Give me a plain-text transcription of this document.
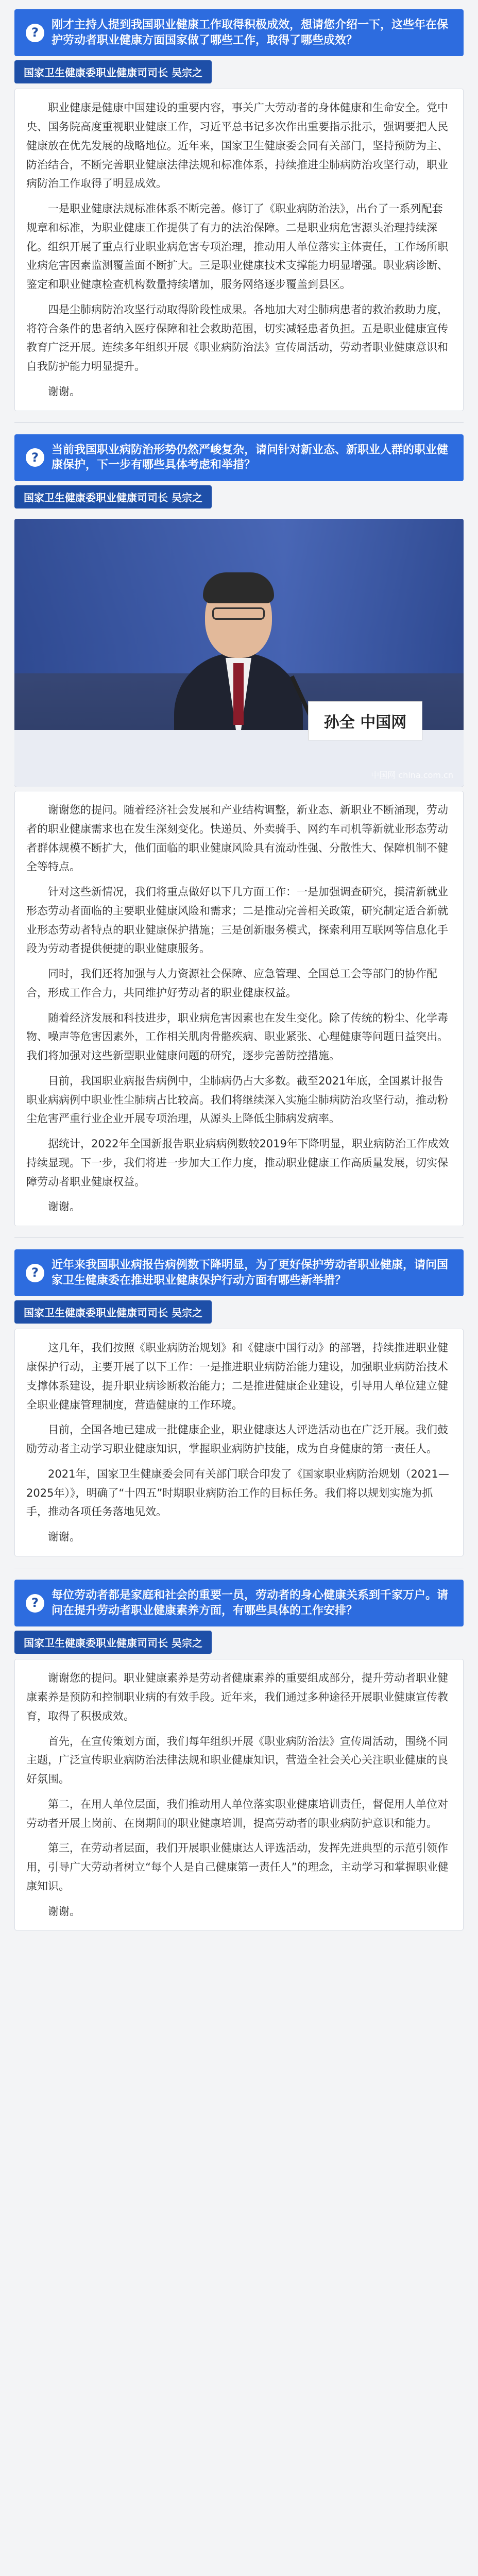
?
刚才主持人提到我国职业健康工作取得积极成效，想请您介绍一下，这些年在保护劳动者职业健康方面国家做了哪些工作，取得了哪些成效？
国家卫生健康委职业健康司司长 吴宗之

职业健康是健康中国建设的重要内容，事关广大劳动者的身体健康和生命安全。党中央、国务院高度重视职业健康工作，习近平总书记多次作出重要指示批示，强调要把人民健康放在优先发展的战略地位。近年来，国家卫生健康委会同有关部门，坚持预防为主、防治结合，不断完善职业健康法律法规和标准体系，持续推进尘肺病防治攻坚行动，职业病防治工作取得了明显成效。

一是职业健康法规标准体系不断完善。修订了《职业病防治法》，出台了一系列配套规章和标准，为职业健康工作提供了有力的法治保障。二是职业病危害源头治理持续深化。组织开展了重点行业职业病危害专项治理，推动用人单位落实主体责任，工作场所职业病危害因素监测覆盖面不断扩大。三是职业健康技术支撑能力明显增强。职业病诊断、鉴定和职业健康检查机构数量持续增加，服务网络逐步覆盖到县区。

四是尘肺病防治攻坚行动取得阶段性成果。各地加大对尘肺病患者的救治救助力度，将符合条件的患者纳入医疗保障和社会救助范围，切实减轻患者负担。五是职业健康宣传教育广泛开展。连续多年组织开展《职业病防治法》宣传周活动，劳动者职业健康意识和自我防护能力明显提升。

谢谢。

?
当前我国职业病防治形势仍然严峻复杂，请问针对新业态、新职业人群的职业健康保护，下一步有哪些具体考虑和举措？
国家卫生健康委职业健康司司长 吴宗之
孙全 中国网
中国网 china.com.cn

谢谢您的提问。随着经济社会发展和产业结构调整，新业态、新职业不断涌现，劳动者的职业健康需求也在发生深刻变化。快递员、外卖骑手、网约车司机等新就业形态劳动者群体规模不断扩大，他们面临的职业健康风险具有流动性强、分散性大、保障机制不健全等特点。

针对这些新情况，我们将重点做好以下几方面工作：一是加强调查研究，摸清新就业形态劳动者面临的主要职业健康风险和需求；二是推动完善相关政策，研究制定适合新就业形态劳动者特点的职业健康保护措施；三是创新服务模式，探索利用互联网等信息化手段为劳动者提供便捷的职业健康服务。

同时，我们还将加强与人力资源社会保障、应急管理、全国总工会等部门的协作配合，形成工作合力，共同维护好劳动者的职业健康权益。

随着经济发展和科技进步，职业病危害因素也在发生变化。除了传统的粉尘、化学毒物、噪声等危害因素外，工作相关肌肉骨骼疾病、职业紧张、心理健康等问题日益突出。我们将加强对这些新型职业健康问题的研究，逐步完善防控措施。

目前，我国职业病报告病例中，尘肺病仍占大多数。截至2021年底，全国累计报告职业病病例中职业性尘肺病占比较高。我们将继续深入实施尘肺病防治攻坚行动，推动粉尘危害严重行业企业开展专项治理，从源头上降低尘肺病发病率。

据统计，2022年全国新报告职业病病例数较2019年下降明显，职业病防治工作成效持续显现。下一步，我们将进一步加大工作力度，推动职业健康工作高质量发展，切实保障劳动者职业健康权益。

谢谢。

?
近年来我国职业病报告病例数下降明显，为了更好保护劳动者职业健康，请问国家卫生健康委在推进职业健康保护行动方面有哪些新举措？
国家卫生健康委职业健康司司长 吴宗之

这几年，我们按照《职业病防治规划》和《健康中国行动》的部署，持续推进职业健康保护行动，主要开展了以下工作：一是推进职业病防治能力建设，加强职业病防治技术支撑体系建设，提升职业病诊断救治能力；二是推进健康企业建设，引导用人单位建立健全职业健康管理制度，营造健康的工作环境。

目前，全国各地已建成一批健康企业，职业健康达人评选活动也在广泛开展。我们鼓励劳动者主动学习职业健康知识，掌握职业病防护技能，成为自身健康的第一责任人。

2021年，国家卫生健康委会同有关部门联合印发了《国家职业病防治规划（2021—2025年）》，明确了“十四五”时期职业病防治工作的目标任务。我们将以规划实施为抓手，推动各项任务落地见效。

谢谢。

?
每位劳动者都是家庭和社会的重要一员，劳动者的身心健康关系到千家万户。请问在提升劳动者职业健康素养方面，有哪些具体的工作安排？
国家卫生健康委职业健康司司长 吴宗之

谢谢您的提问。职业健康素养是劳动者健康素养的重要组成部分，提升劳动者职业健康素养是预防和控制职业病的有效手段。近年来，我们通过多种途径开展职业健康宣传教育，取得了积极成效。

首先，在宣传策划方面，我们每年组织开展《职业病防治法》宣传周活动，围绕不同主题，广泛宣传职业病防治法律法规和职业健康知识，营造全社会关心关注职业健康的良好氛围。

第二，在用人单位层面，我们推动用人单位落实职业健康培训责任，督促用人单位对劳动者开展上岗前、在岗期间的职业健康培训，提高劳动者的职业病防护意识和能力。

第三，在劳动者层面，我们开展职业健康达人评选活动，发挥先进典型的示范引领作用，引导广大劳动者树立“每个人是自己健康第一责任人”的理念，主动学习和掌握职业健康知识。

谢谢。
